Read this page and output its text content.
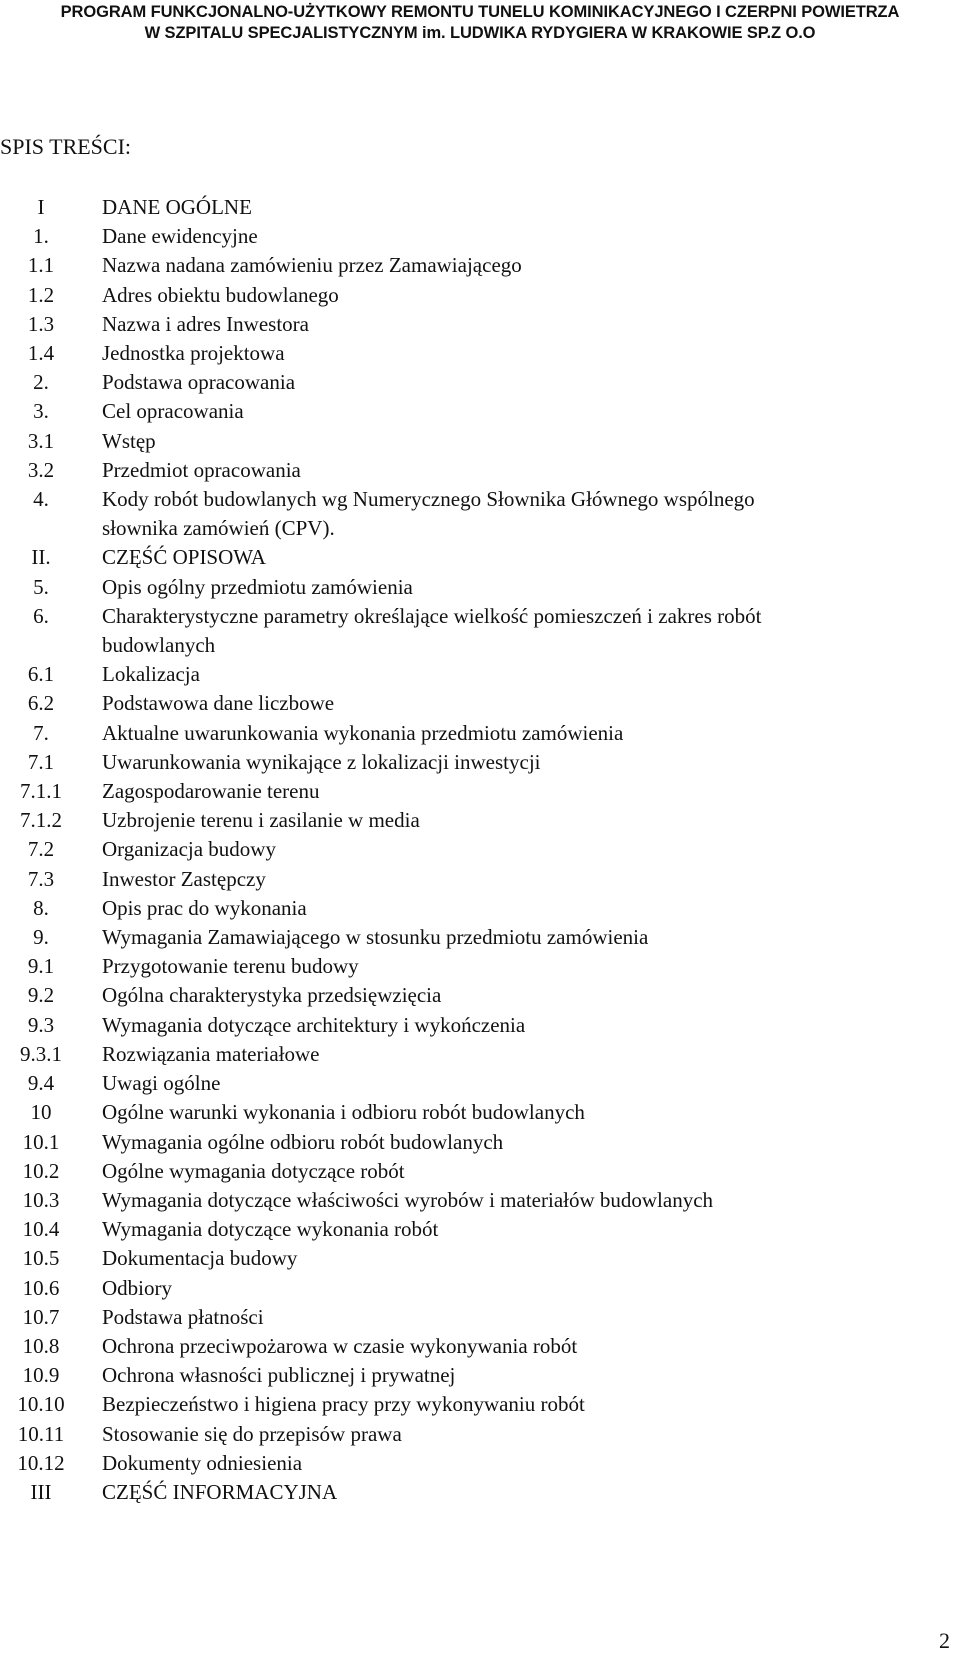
PROGRAM FUNKCJONALNO-UŻYTKOWY REMONTU TUNELU KOMINIKACYJNEGO I CZERPNI POWIETRZA
W SZPITALU SPECJALISTYCZNYM im. LUDWIKA RYDYGIERA W KRAKOWIE SP.Z O.O
SPIS TREŚCI:
I	DANE OGÓLNE
1.	Dane ewidencyjne
1.1	Nazwa nadana zamówieniu przez Zamawiającego
1.2	Adres obiektu budowlanego
1.3	Nazwa i adres Inwestora
1.4	Jednostka projektowa
2.	Podstawa opracowania
3.	Cel opracowania
3.1	Wstęp
3.2	Przedmiot opracowania
4.	Kody robót budowlanych wg Numerycznego Słownika Głównego wspólnego słownika zamówień (CPV).
II.	CZĘŚĆ OPISOWA
5.	Opis ogólny przedmiotu zamówienia
6.	Charakterystyczne parametry określające wielkość pomieszczeń i zakres robót budowlanych
6.1	Lokalizacja
6.2	Podstawowa dane liczbowe
7.	Aktualne uwarunkowania wykonania przedmiotu zamówienia
7.1	Uwarunkowania wynikające z lokalizacji inwestycji
7.1.1	Zagospodarowanie terenu
7.1.2	Uzbrojenie terenu i zasilanie w media
7.2	Organizacja budowy
7.3	Inwestor Zastępczy
8.	Opis prac do wykonania
9.	Wymagania Zamawiającego w stosunku przedmiotu zamówienia
9.1	Przygotowanie terenu budowy
9.2	Ogólna charakterystyka przedsięwzięcia
9.3	Wymagania dotyczące architektury i wykończenia
9.3.1	Rozwiązania materiałowe
9.4	Uwagi ogólne
10	Ogólne warunki wykonania i odbioru robót budowlanych
10.1	Wymagania ogólne odbioru robót budowlanych
10.2	Ogólne wymagania dotyczące robót
10.3	Wymagania dotyczące właściwości wyrobów i materiałów budowlanych
10.4	Wymagania dotyczące wykonania robót
10.5	Dokumentacja budowy
10.6	Odbiory
10.7	Podstawa płatności
10.8	Ochrona przeciwpożarowa w czasie wykonywania robót
10.9	Ochrona własności publicznej i prywatnej
10.10	Bezpieczeństwo i higiena pracy przy wykonywaniu robót
10.11	Stosowanie się do przepisów prawa
10.12	Dokumenty odniesienia
III	CZĘŚĆ INFORMACYJNA
2
